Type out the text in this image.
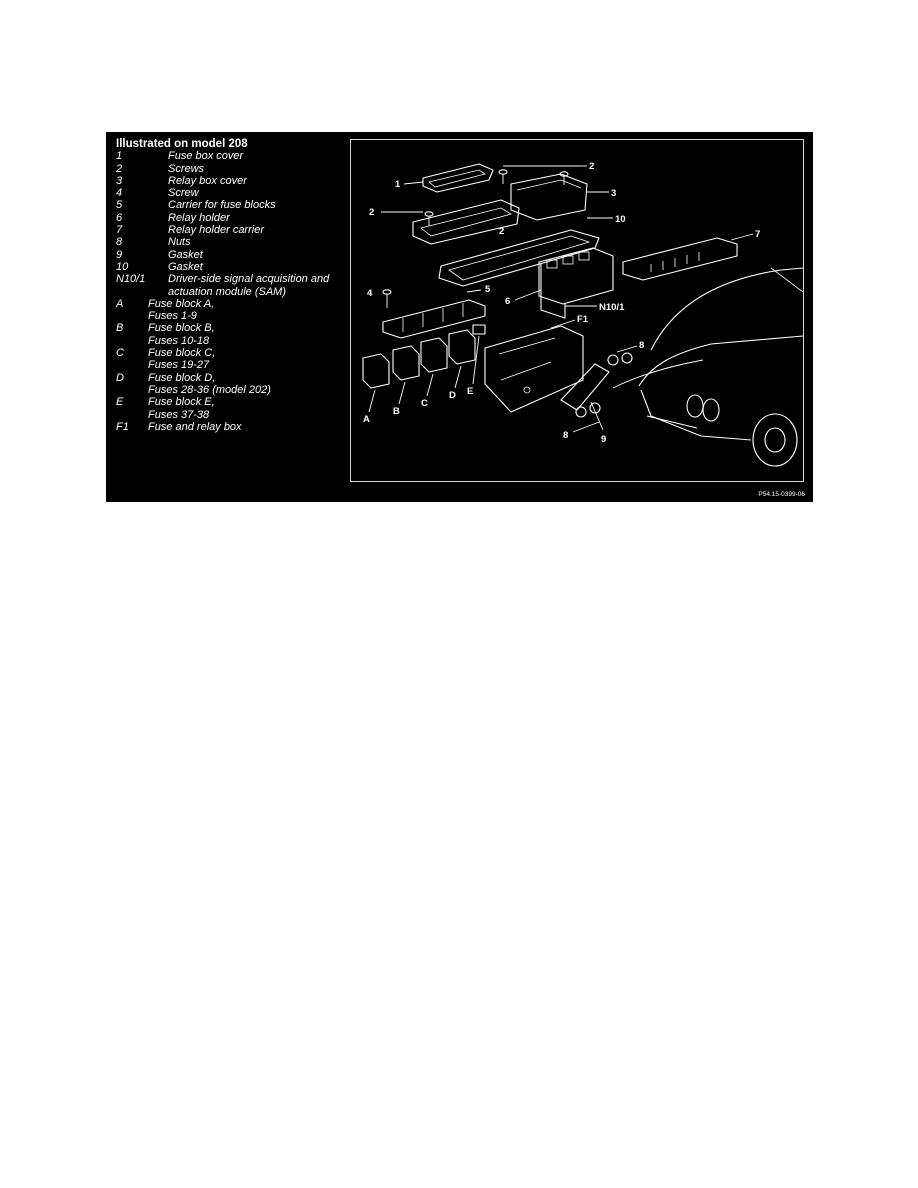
Illustrated on model 208
1	Fuse box cover
2	Screws
3	Relay box cover
4	Screw
5	Carrier for fuse blocks
6	Relay holder
7	Relay holder carrier
8	Nuts
9	Gasket
10	Gasket
N10/1 Driver-side signal acquisition and
actuation module (SAM)
A Fuse block A,
Fuses 1-9
B Fuse block B,
Fuses 10-18
C Fuse block C,
Fuses 19-27
D Fuse block D,
Fuses 28-36 (model 202)
E Fuse block E,
Fuses 37-38
F1 Fuse and relay box
1
2
2
2
3
10
7
4	5
6
N10/1
F1
8
8	9
A
B
C
D E
P54.15-0399-06
